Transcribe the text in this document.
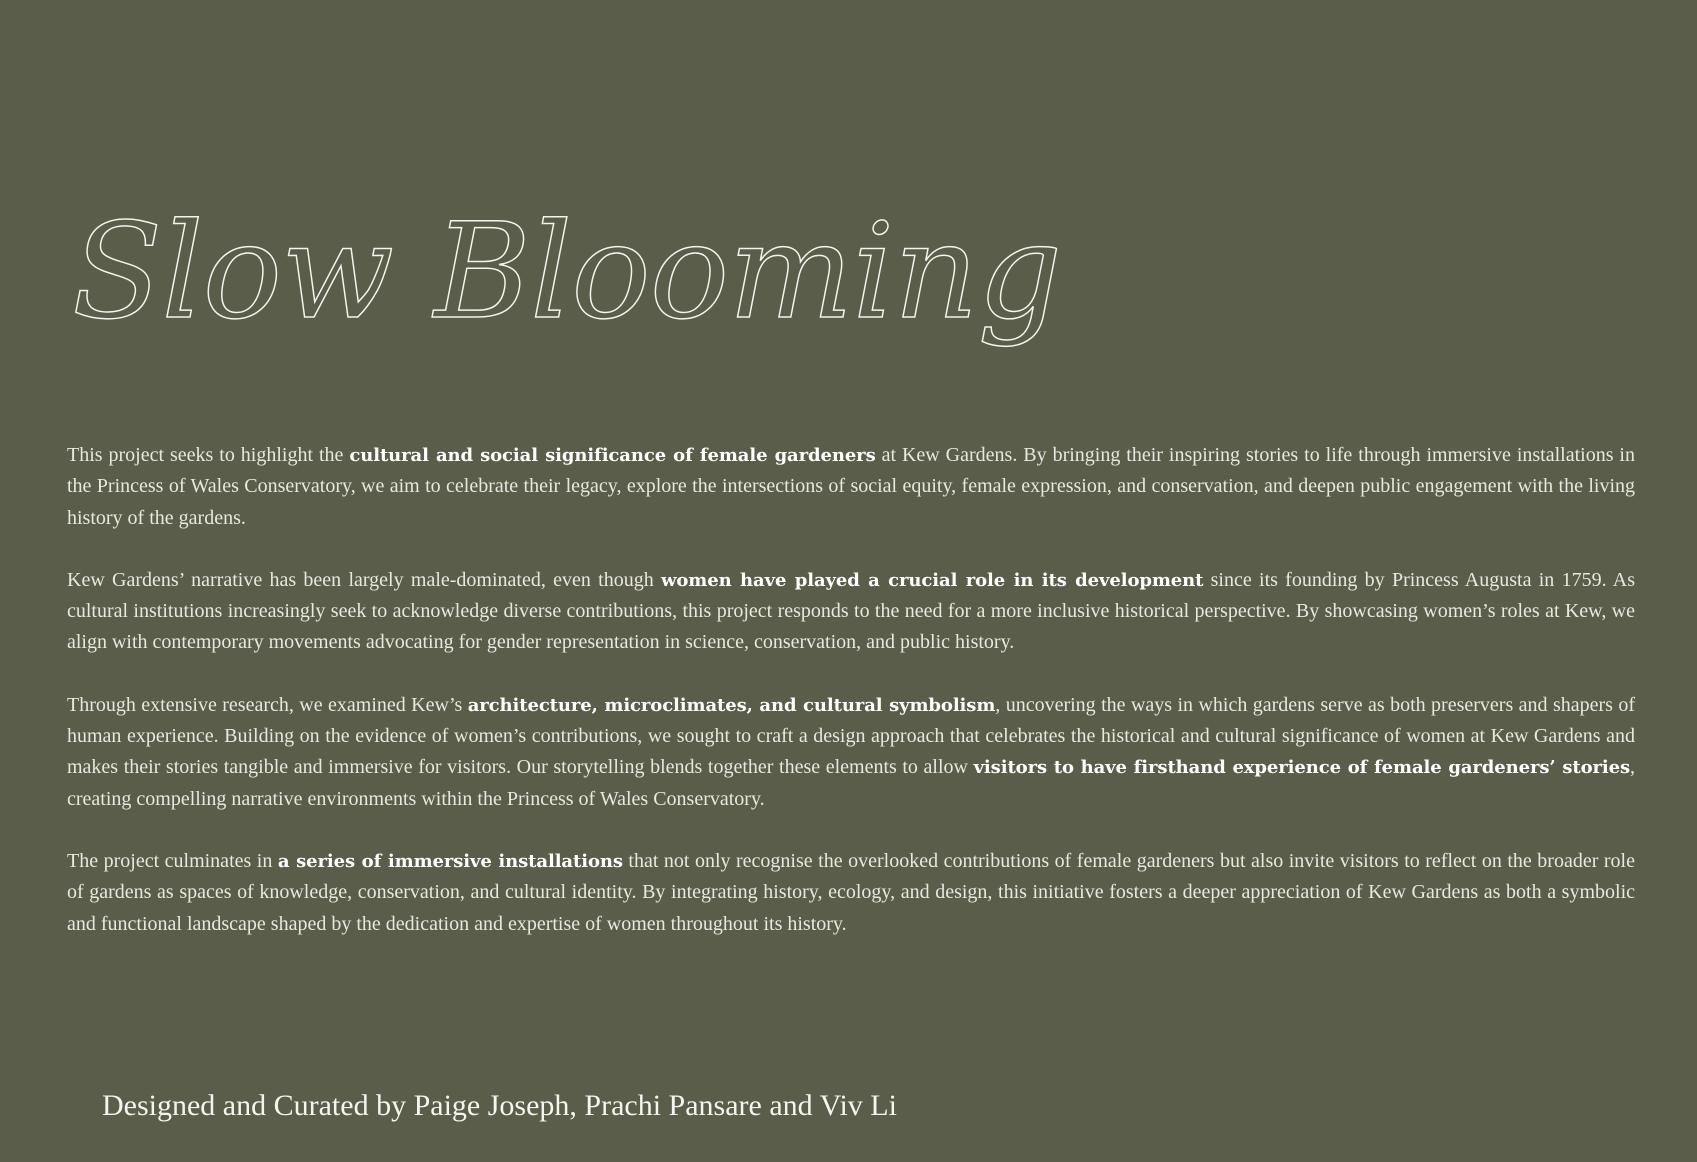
Slow Blooming

This project seeks to highlight the cultural and social significance of female gardeners at Kew Gardens. By bringing their inspiring stories to life through immersive installations in the Princess of Wales Conservatory, we aim to celebrate their legacy, explore the intersections of social equity, female expression, and conservation, and deepen public engagement with the living history of the gardens.

Kew Gardens’ narrative has been largely male-dominated, even though women have played a crucial role in its development since its founding by Princess Augusta in 1759. As cultural institutions increasingly seek to acknowledge diverse contributions, this project responds to the need for a more inclusive historical perspective. By showcasing women’s roles at Kew, we align with contemporary movements advocating for gender representation in science, conservation, and public history.

Through extensive research, we examined Kew’s architecture, microclimates, and cultural symbolism, uncovering the ways in which gardens serve as both preservers and shapers of human experience. Building on the evidence of women’s contributions, we sought to craft a design approach that celebrates the historical and cultural significance of women at Kew Gardens and makes their stories tangible and immersive for visitors. Our storytelling blends together these elements to allow visitors to have firsthand experience of female gardeners’ stories, creating compelling narrative environments within the Princess of Wales Conservatory.

The project culminates in a series of immersive installations that not only recognise the overlooked contributions of female gardeners but also invite visitors to reflect on the broader role of gardens as spaces of knowledge, conservation, and cultural identity. By integrating history, ecology, and design, this initiative fosters a deeper appreciation of Kew Gardens as both a symbolic and functional landscape shaped by the dedication and expertise of women throughout its history.

Designed and Curated by Paige Joseph, Prachi Pansare and Viv Li
